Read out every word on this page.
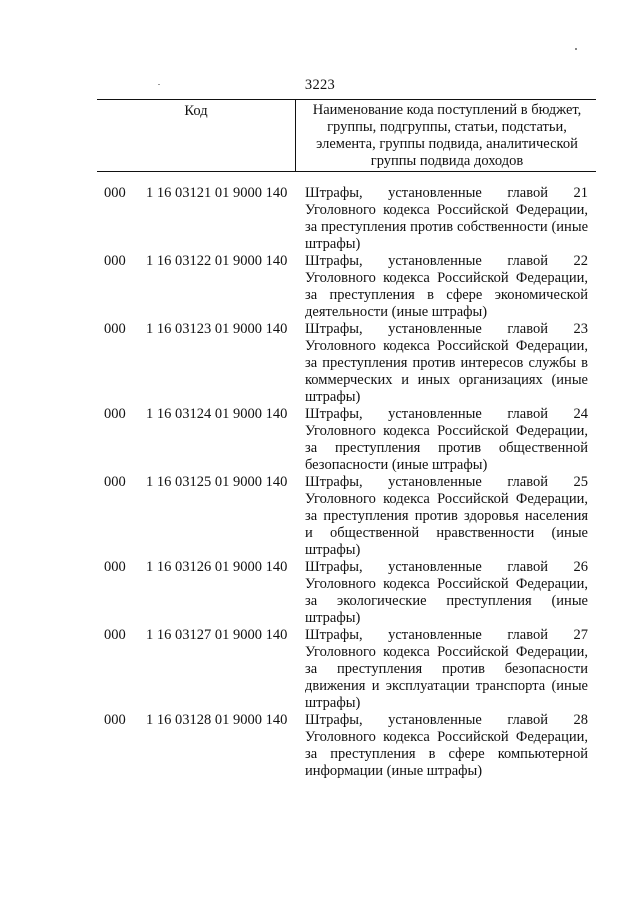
3223
Код	Наименование кода поступлений в бюджет, группы, подгруппы, статьи, подстатьи, элемента, группы подвида, аналитической группы подвида доходов
000 1 16 03121 01 9000 140 Штрафы, установленные главой 21 Уголовного кодекса Российской Федерации, за преступления против собственности (иные штрафы)
000 1 16 03122 01 9000 140 Штрафы, установленные главой 22 Уголовного кодекса Российской Федерации, за преступления в сфере экономической деятельности (иные штрафы)
000 1 16 03123 01 9000 140 Штрафы, установленные главой 23 Уголовного кодекса Российской Федерации, за преступления против интересов службы в коммерческих и иных организациях (иные штрафы)
000 1 16 03124 01 9000 140 Штрафы, установленные главой 24 Уголовного кодекса Российской Федерации, за преступления против общественной безопасности (иные штрафы)
000 1 16 03125 01 9000 140 Штрафы, установленные главой 25 Уголовного кодекса Российской Федерации, за преступления против здоровья населения и общественной нравственности (иные штрафы)
000 1 16 03126 01 9000 140 Штрафы, установленные главой 26 Уголовного кодекса Российской Федерации, за экологические преступления (иные штрафы)
000 1 16 03127 01 9000 140 Штрафы, установленные главой 27 Уголовного кодекса Российской Федерации, за преступления против безопасности движения и эксплуатации транспорта (иные штрафы)
000 1 16 03128 01 9000 140 Штрафы, установленные главой 28 Уголовного кодекса Российской Федерации, за преступления в сфере компьютерной информации (иные штрафы)
